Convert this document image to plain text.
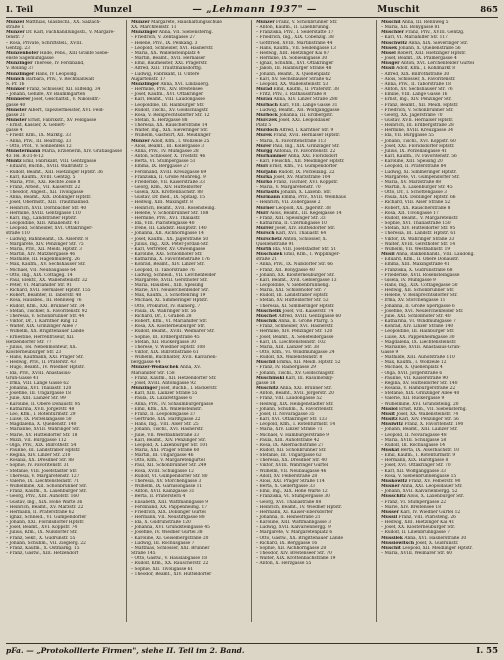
I. Teil	Munzel	— „Lehmann 1937" —	Muschit	865
Munzel Matthias, Glasbschl., XX. Salzach-
straße 1
Munzer Dr. Karl, Fachhandlungsstl., V. Margare-
tenstr. 7
– Rosa, Private, Schriftstell., XVIII.
Gentzg. 23
Munzenhofer Hilde, Pens., XIII Gränfe Siebe-
enste Sagemühlgasse
Munzinger Therese, IV Ferdinand,
V. Rolling 37
Munzlinger Hans, IV Leopoldg.
Münich Barbara, Priv., V. Rechtsanwalt
S. Pr. 16
Münker Franz, Schlosser, XII. Ellfeldg. 34
– Johann, Gehilfe, XV Baummgarten
Münnerer Josef, Geschäftsf., V. Nikolsdfr.-
gasse 40
Münster Albert, Tapeziermeister, XVI. Feld-
gasse 21
Münster Ernst, Fabrikstr., XV Feldgasse
– Ernst, Kassier, X. Gellert-
gasse 4
– Friedr. Kfm., IX. Marktg. 33
– Anna, Priv., III. Beatrixg. 33
– Otto, Prof., V. Sonnenfels 12
Münstermann Maria, Erzieherin, XIV. Gratiasgasse
43 Tel. R-31-8-12
Müntz Emil, Fabrikant, VIII. Gentzgasse
– Eduard, Buchh., XVIII. Wallrißstr. 5
– Rudolf, Beamt., XIII. Hietzinger Hptstr. 36
– Karl, Kaufm., XVIII. Gentzg. 5
– Maria, Priv., XXI. Rechte Zeile 8
– Franz, Arbeit., VII. Kaiserstr. 22
– Theodor, Angest., XII. Tivoligasse
– Anna, Beamt., XIX. Döblinger Hptstr.
– Josef, Obermstr., XIII. Trautmannsd.
– Heinrich, XVII. Dornbacher Str. 40
– Hermine, XVIII. Gentzgasse 110
– Karl, Ing., Landstraßer Hptstr.
– Leopoldine, XIII. Amalienstr. 41
– Leopold, Schneider, XVI. Ottakringer-
straße 110
– Ludwig, Bahnbeamt., IX. Alserstr. 8
– Margarete, XIV. Penzinger Str. 75
– Maria, Priv., XII. Meidl. Hptstr. 3
– Martin, XIV. Matznergasse 46
– Mathilde, III. Hagenmüllerg. 26
– Max, Kaufm., XV. Sechshauser Str.
– Michael, VII. Neubaugasse 64
– Otto, Ing., XIX. Cottageg. 14
– Paul, Elektr., XX. Wallensteinstr. 32
– Peter, VI. Mariahilfer Str. 91
– Richard, XVII. Hernalser Hptstr. 155
– Robert, Beamter, II. Taborstr. 48
– Rosa, Hausbes., III. Rennweg 76
– Rudolf, Kfm., XXI. Brünner Str. 34
– Stefan, Tischler, X. Favoritenstr. 92
– Theresia, V. Schönbrunner Str. 44
– Viktor, Dr., I. Kärntner Ring 12
– Walter, XIX. Grinzinger Allee 7
– Wilhelm, XX. Brigittenauer Lände
– Ernestine, Herrenfriseur, XII.
Hetzendorfer Str. 77
– Julius, Tel. Nebenmonteur, XX.
Klosterneuburger Str. 23
– Hans, Kaufmann, XXI. Prager Str.
– Hedwig, Priv., II. Praterstr. 43
– Hugo, Beamt., IV. Wiedner Hptstr.
– Ida, Priv., XVIII. Anastasius-
Grün-Gasse 41
– Irma, VIII. Lange Gasse 62
– Johanna, XVI. Thaliastr. 120
– Josefine, III. Ungargasse 18
– Julie, XIII. Lainzer Str. 99
– Karoline, II. Obere Donaustr. 95
– Katharina, XVII. Jörgerstr. 48
– Leo, Kfm., I. Rotenturmstr. 29
– Luise, IX. Porzellangasse 50
– Magdalena, X. Quellenstr. 140
– Marianne, XVIII. Währinger Str.
– Marie, XV. Hütteldorfer Str. 18
– Mizzi, VII. Burggasse 112
– Olga, Priv., XIX. Billrothstr. 54
– Pauline, III. Landstraßer Hptstr.
– Regina, XIV. Linzer Str. 210
– Rosalia, XX. Dresdner Str. 88
– Sophie, IV. Favoritenstr. 31
– Stefanie, VIII. Josefstädter Str.
– Theresia, V. Margaretenstr. 127
– Valerie, IX. Liechtensteinstr. 71
– Wilhelmine, XII. Schönbrunner Str.
– Franz, Kaufm., X. Laxenburger Str.
– Georg, Priv., XIII. Auhofstr. 160
– Gustav, Ing., XIX. Hohe Warte 36
– Heinrich, Beamt., XV. Märzstr. 22
– Hermann, II. Praterstraße 62
– Ignaz, Schneid., VI. Gumpendorfer
– Johann, XXI. Floridsdorfer Hptstr.
– Josef, Beamt., XVI. Koppstr. 74
– Julius, Kfm., IX. Nußdorfer Str.
– Franz, Sekr., X. Gudrunstr. 55
– Johann, Schuhm., VII. Zieglerg. 22
– Franz, Kaufm., X. Ostmarkg. 15
– Franz, Gastw., XIII. Hetzendorf
Munzer Margarete, Haushaltungsschule
XX. Marchfeldstr. 11
Munzinger Anna, VII. Siebensterng.
– Friedrich, V. Zentagasse 27
– Helene, Priv., IX. Pelikang. 3
– Leopold, Schneider, XVI. Hasnerstr.
– Maria, XX. Wallensteinplatz 4
– Martin, Beamt., XVII. Hernalser
– Emil, Baumeister, XXI. Pragerstr.
– Alfred, XIII. Trauttmansdorffg.
– Ludwig, Fabrikant, II. Untere
Augartenstr. 17
Munzlinger Anna, XVI. Lindauerg.
– Hermine, Priv., XIV. Breitensee
– Josef, Kaufm., XVI. Ottakringer
– Karl, Beamt., VIII. Laudongasse
– Leopoldine, III. Hainburger Str.
– Rudolf, Tischl., XV. Goldschlagstr.
– Rosa, V. Reinprechtsdorfer Str. 12
– Stefan, X. Herzgasse 88
– Theresia, XX. Rauscherstraße 14
– Walter, Ing., XIX. Sieveringer Str.
– Wilhelm, Gastwirt, XII. Meidlinger
Münzer Adolf, Kfm., I. Wollzeile 25
– Alois, Beamt., III. Kollergasse 3
– Anna, Priv., IV. Mühlgasse 28
– Anton, Schlosser, X. Troststr. 46
– Berta, VI. Stumpergasse 51
– Emma, IX. Berggasse 27
– Ferdinand, XVIII. Kreuzgasse 69
– Franziska, II. Große Mohreng. 9
– Friederike, VII. Kaiserstraße 33
– Georg, Kfm., XIV. Hütteldorfer
– Gisela, XIX. Krottenbachstr. 88
– Gustav, Dr. med., IX. Spitalg. 15
– Hedwig, XIII. Maxingstr. 8
– Heinrich, Beamt., XVII. Rosensteing.
– Helene, V. Schönbrunner Str. 188
– Hermine, Priv., XVI. Thaliastr.
– Ida, VIII. Piaristengasse 40
– Irene, III. Landstr. Hauptstr. 140
– Johanna, XII. Aichhorngasse 14
– Josef, Kaufm., XX. Jägerstraße 50
– Julius, Ing., XIX. Peter-Jordan-Str.
– Karl, Vertreter, XV. Ölweingasse
– Karoline, XXI. Schloßhofer Str.
– Katharina, X. Favoritenstraße 176
– Konrad, Beamt., XIV. Linzer Str.
– Leopold, II. Taborstraße 76
– Ludwig, Schneid., VII. Lerchenfelder
– Margarete, XVIII. Gersthofer Str.
– Maria, Hausbes., XIII. Speising
– Marie, XVI. Neulerchenfelder Str.
– Max, Kaufm., I. Schottenring 19
– Michael, XI. Simmeringer Hptstr.
– Otto, Prokurist, IV. Rainerg. 7
– Paula, IX. Währinger Str. 56
– Richard, Dr., I. Graben 28
– Robert, Kfm., VI. Mariahilfer Str.
– Rosa, XX. Klosterneuburger Str.
– Rudolf, Beamt., XVIII. Weimarer Str.
– Sophie, III. Erdbergstraße 45
– Stefan, XII. Ruckergasse 30
– Therese, V. Wiedner Hptstr. 108
– Viktor, XIX. Billrothstraße 61
– Wilhelm, Buchhalter, XVII. Kalvarien-
berggasse 44
Münzer-Wodaschek Anna, XV.
Mariahilfer Str. 158
– Franz, Kaufm., XII. Hetzendorfer Str.
– Josef, XVIII. Antonigasse 92
Münzinger Josef, Buchb., I. Bäckerstr.
– Karl, XIII. Lainzer Straße 55
– Paula, IX. Lazarettgasse 6
– Anna, Priv., IV. Schaumburgergasse
– Emil, Kfm., XX. Wallensteinstr.
– Franz, II. Leopoldsgasse 37
– Gertrude, XIX. Hardtgasse 22
– Hans, Ing., VIII. Alser Str. 25
– Johann, Tischl., XVI. Hasnerstr.
– Julie, VII. Westbahnstraße 33
– Karl, Beamt., XIV. Penzinger Str.
– Leopold, X. Laxenburger Str. 101
– Maria, XXI. Prager Straße 60
– Martin, III. Ungargasse 46
– Otto, Kfm., V. Margaretengürtel
– Paul, XII. Schönbrunner Str. 249
– Rosa, XVIII. Schulgasse 12
– Rudolf, VI. Gumpendorfer Str. 80
– Theresia, XV. Storchengasse 3
– Wilhelm, IX. Garnisongasse 11
– Anton, XVII. Kainzgasse 31
– Berta, II. Praterstern 4
– Elisabeth, XIII. Wattmanngasse 9
– Ferdinand, XX. Pappenheimg. 17
– Friedrich, XIX. Döblinger Gürtel
– Hermann, VII. Neustiftgasse 88
– Ida, X. Gudrunstraße 120
– Johanna, XVI. Grundsteingasse 45
– Josefine, IV. Wiedner Gürtel 38
– Karoline, XI. Geiselbergstraße 20
– Ludwig, III. Rochusgasse 7
– Matthias, Schlosser, XXI. Brünner
Straße 145
– Otto, Gastw., V. Hauslabgasse 18
– Rudolf, Kfm., XX. Rauscherstr. 22
– Sophie, XII. Tivoligasse 61
– Theodor, Beamt., XIV. Hütteldorfer
Münzer Franz, V. Schönbrunner Str.
– Anton, Kaufm., II. Lilienbrunng.
– Franziska, Priv., I. Seilerstätte 17
– Friedrich, Ing., XIX. Cobenzlg. 38
– Gottfried, XVIII. Martinstraße 44
– Hans, Kaufm., VII. Seidengasse 13
– Hedwig, XIII. Hietzinger Kai 87
– Hermine, IX. Sobieskigasse 30
– Ignaz, Schuhm., XVI. Ottakringer
– Jakob, III. Hainburger Straße 48
– Johann, Beamt., X. Quellenplatz
– Karl, XV. Sechshauser Straße 62
– Leopold, XX. Wallensteinstr. 53
Murad Emil, Kaufm., II. Praterstr. 38
– Fritz, Priv., I. Rathausstraße 8
Murau Anna, XIV. Linzer Straße 280
Murbach Karl, VIII. Lange Gasse 31
– Ludwig, Beamt., XII. Wolfganggasse
Murböck Johanna, III. Erdbergstr.
Murczek Josef, XXI. Leopoldauer
Platz 5
Murdoch Alfred, I. Kärntner Str. 9
Murek Franz, XVII. Hernalser Hptstr.
– Maria, X. Favoritenstraße 113
Murer Paul, Ing., XIX. Grinzinger Str.
Murgg Antonia, IV. Favoritenstr. 22
Murhammer Anna, XXI. Floridsdorf
– Karl, Fleischh., XII. Meidlinger Hptstr.
Muri Ernst, Kfm., VI. Gumpendorfer
Murjahn Rudolf, IX. Porzellang. 22
Murka Josef, XV. Märzstraße 104
Murko Franz, Tischler, XVI. Koppstr.
– Maria, V. Margaretenstr. 70
Murlasits Johann, X. Laxenb. Str.
Murmann Emma, Priv., XVIII. Weinhaus
– Heinrich, VII. Zollergasse 2
Murner Leopold, XX. Jägerstr. 38
Murr Alois, Beamt., III. Kegelgasse 14
– Franz, XIII. Speisinger Str. 33
– Katharina, II. Czerningasse 10
Murrer Josef, XIV. Hütteldorfer Str.
Mursch Karl, XVI. Thaliastr. 64
Murschetz Anton, Schlosser, X.
Quellenstraße 91
Murth Ida, VIII. Josefstädter Str. 51
Muschalek Emil, Kfm., I. Wipplinger-
straße 21
– Anna, Priv., IX. Nußdorfer Str. 66
– Franz, XII. Bonygasse 40
– Johann, XX. Klosterneuburger Str.
– Karl, Beamt., XVII. Geblergasse 13
– Leopoldine, V. Siebenbrunneng.
– Maria, XXI. Schloßhofer Str. 7
– Rudolf, III. Landstraßer Hptstr.
– Stefan, XV. Hütteldorfer Str. 52
– Theresia, XI. Simmeringer Hptstr.
Muschelik Josef, VII. Kaiserstr. 74
Muschet Alfred, XVIII. Gentzgasse 60
Muschik Anna, II. Große Pfarrg. 5
– Franz, Schneider, XVI. Hasnerstr.
– Hermine, XIV. Penzinger Str. 120
– Josef, Beamt., X. Senefeldergasse
– Karl, IX. Liechtensteinstr. 102
– Maria, XIII. Lainzer Str. 38
– Otto, Kfm., VI. Windmühlgasse 24
– Rudolf, XX. Wallensteinstr. 8
Muschil Emma, XII. Meidl. Hptstr. 52
– Franz, IV. Rainergasse 29
– Johann, Tischl., XV. Goldschlagstr.
Muschinski Karl, III. Rasumofsky-
gasse 18
Muschitz Anna, XXI. Brünner Str.
– Anton, Beamt., XVII. Jörgerstr. 20
– Franz, VIII. Laudongasse 52
– Hedwig, XIX. Heiligenstädter Str.
– Johann, Schuhm., X. Favoritenstr.
– Josef, II. Novaragasse 35
– Karl, XVI. Ottakringer Str. 133
– Leopold, Kfm., I. Rotenturmstr. 14
– Maria, XIV. Linzer Straße 71
– Michael, V. Hamburgerstraße 9
– Paula, XIII. Auhofstraße 42
– Rosa, IX. Alserbachstraße 27
– Rudolf, XII. Schönbrunner Str.
– Stefanie, III. Ungargasse 62
– Theresia, XX. Dresdner Str. 40
– Viktor, XVIII. Währinger Gürtel
– Wilhelm, VII. Neubaugasse 46
– Adolf, XV. Felberstraße 28
– Alois, XXI. Prager Straße 114
– Berta, X. Gellertgasse 33
– Emil, Ing., XIX. Hohe Warte 12
– Franziska, VI. Stumpergasse 30
– Georg, XVI. Thaliastraße 88
– Heinrich, Beamt., IV. Wiedner Hptstr.
– Hermann, XI. Kaiser-Ebersdorfer
– Johanna, II. Heinestraße 21
– Karoline, XIII. Wattmanngasse 3
– Ludwig, XVII. Kalvarienbergg. 9
– Margarete, V. Margaretenplatz 6
– Otto, Gastw., XX. Brigittenauer Lände
– Richard, IX. Berggasse 16
– Sophie, XII. Aichhorngasse 28
– Theodor, XIV. Breitenseer Str. 70
– Walter, XIX. Krottenbachstraße 19
– Anton, X. Herzgasse 55
Muschil Anna, III. Rennweg 5
– Maria, XII. Bonygasse 81
Muschler Franz, Priv., XVIII. Gentzg.
– Karl, VI. Mariahilfer Str. 117
Muschwitz Anna, XIX. Sieveringer Str.
Musek Johann, X. Quellenstraße 56
Musel Robert, XIII. Hietzinger Hptstr.
– Josef, Beamt., IX. Pramergasse 4
Musger Anton, XVI. Lerchenfelder Gürtel
Musil Adolf, Kfm., I. Kohlmarkt 8
– Alfred, XIX. Billrothstraße 30
– Alois, Schlosser, X. Favoritenstr.
– Anna, Priv., II. Taborstraße 18
– Anton, XV. Sechshauser Str. 76
– Emilie, VIII. Lange Gasse 16
– Ernst, Ing., XIV. Penzinger Str.
– Franz, Beamt., XII. Meidl. Hptstr.
– Friedrich, V. Schönbrunner Str.
– Georg, XX. Jägerstraße 70
– Gustav, XVII. Hernalser Hptstr.
– Heinrich, III. Erdbergstraße 28
– Hermine, XVIII. Kreuzgasse 34
– Ida, VII. Burggasse 55
– Johann, Tischl., XVI. Koppstr. 60
– Josef, XXI. Floridsdorfer Hptstr.
– Julius, IX. Porzellangasse 41
– Karl, Kaufm., IV. Favoritenstr. 56
– Karoline, XIII. Speising 20
– Leopold, II. Praterstraße 84
– Ludwig, XI. Simmeringer Hptstr.
– Margarete, VI. Gumpendorfer Str.
– Maria, XV. Märzstraße 88
– Martin, X. Laxenburger Str. 45
– Otto, Dr., I. Schottengasse 3
– Paula, XIX. Döblinger Hptstr. 66
– Richard, VIII. Alser Straße 52
– Robert, XX. Rauscherstraße 8
– Rosa, XII. Tivoligasse 17
– Rudolf, Beamt., V. Margaretenstr.
– Sophie, XVI. Thaliastraße 150
– Stefan, XIV. Hütteldorfer Str. 95
– Theresia, III. Landstr. Hptstr. 61
– Viktor, IX. Währinger Straße 33
– Walter, XVIII. Gersthofer Str. 14
– Wilhelm, VII. Westbahnstr. 19
Musil Anna, Bakkenhändl., VIII. Laudong.
– Eduard, Kfm., II. Obere Donaustr.
– Emma, XIII. Maxingstraße 41
– Franziska, X. Gudrunstraße 68
– Friederike, XVII. Rosensteingasse
– Gisela, IV. Mühlgasse 9
– Hans, Ing., XIX. Cottagegasse 50
– Hedwig, XII. Schönbrunner Str.
– Helene, V. Reinprechtsdorfer Str.
– Irma, XV. Storchengasse 11
– Johanna, II. Große Sperlgasse 6
– Josefine, XVI. Neulerchenfelder Str.
– Julie, XXI. Schloßhofer Str. 40
– Katharina, VI. Windmühlgasse 7
– Konrad, XIV. Linzer Straße 140
– Leopoldine, III. Hainburger Str.
– Luise, XX. Pappenheimgasse 30
– Magdalena, IX. Liechtensteinstr.
– Marianne, XVIII. Anastasius-Grün-
Gasse 9
– Mathilde, XIII. Auhofstraße 110
– Max, Kaufm., I. Wollzeile 12
– Michael, X. Quellenplatz 4
– Olga, XVII. Jörgerstraße 6
– Pauline, VII. Kaiserstraße 90
– Regina, XV. Hütteldorfer Str. 140
– Rosalia, V. Hamburgerstraße 22
– Stefanie, XIX. Grinzinger Allee 40
– Valerie, XII. Ruckergasse 9
– Wilhelmine, XVI. Grundsteing. 20
Musiol Ernst, Kfm., VII. Siebensterng.
Musit Josef, XX. Wallensteinstr. 74
Musitz Karl, XIV. Penzinger Str. 56
Musiwitz Franz, X. Favoritenstr. 190
– Johann, Beamt., XIII. Lainzer Str.
– Leopold, II. Novaragasse 48
– Maria, XVIII. Schulgasse 58
– Rudolf, III. Rochusgasse 14
Muskat Berta, IX. Alserbachstr. 10
– Emil, Kaufm., I. Rotenturmstr. 9
– Hermann, XIX. Hardtgasse 8
– Josef, XVI. Ottakringer Str. 70
– Karl, XII. Wolfganggasse 33
– Rosa, V. Siebenbrunnengasse 15
Muskowitz Franz, XV. Felberstr. 90
Musner Anna, XXI. Leopoldauer Str.
– Johann, XVII. Kalvarienbergg. 52
Musschitz Alois, X. Laxenburger Str.
– Franz, VI. Stumpergasse 22
– Marie, XIV. Breitensee 18
Musser Karl, IV. Wiedner Gürtel 12
Mussil Franz, VIII. Piaristeng. 26
– Hedwig, XIII. Hietzinger Kai 41
– Josef, XX. Klosterneuburger Str.
– Rudolf, II. Lilienbrunngasse 7
Mussilek Anna, XVI. Hasnerstraße 30
Mussiowitsch Josef, X. Gudrunstr.
Muschit Leopold, XII. Meidlinger Hptstr.
– Maria, XVIII. Weimarer Str. 60
pFa. — „Protokollierte Firmen", siehe II. Teil im 2. Band.	I. 55
